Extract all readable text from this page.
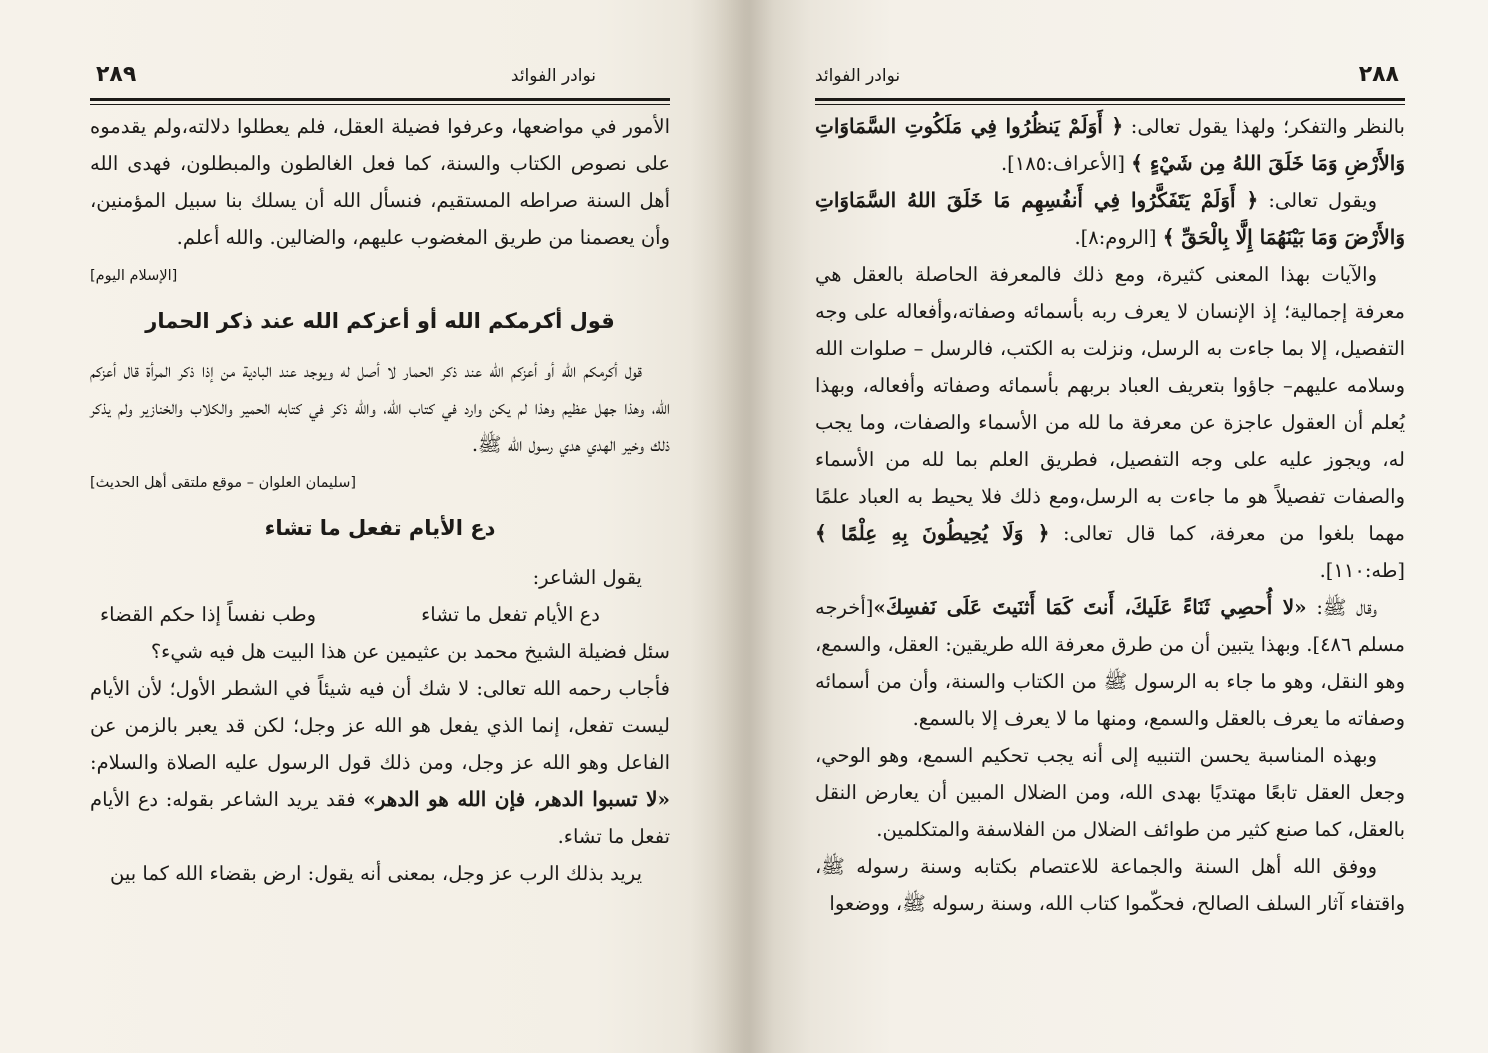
نوادر الفوائد
٢٨٩

الأمور في مواضعها، وعرفوا فضيلة العقل، فلم يعطلوا دلالته،ولم يقدموه على نصوص الكتاب والسنة، كما فعل الغالطون والمبطلون، فهدى الله أهل السنة صراطه المستقيم، فنسأل الله أن يسلك بنا سبيل المؤمنين، وأن يعصمنا من طريق المغضوب عليهم، والضالين. والله أعلم.

[الإسلام اليوم]
قول أكرمكم الله أو أعزكم الله عند ذكر الحمار

قول أكرمكم الله أو أعزكم الله عند ذكر الحمار لا أصل له ويوجد عند البادية من إذا ذكر المرأة قال أعزكم الله، وهذا جهل عظيم وهذا لم يكن وارد في كتاب الله، والله ذكر في كتابه الحمير والكلاب والخنازير ولم يذكر ذلك وخير الهدي هدي رسول الله ﷺ.

[سليمان العلوان – موقع ملتقى أهل الحديث]
دع الأيام تفعل ما تشاء

يقول الشاعر:

دع الأيام تفعل ما تشاء
وطب نفساً إذا حكم القضاء

سئل فضيلة الشيخ محمد بن عثيمين عن هذا البيت هل فيه شيء؟

فأجاب رحمه الله تعالى: لا شك أن فيه شيئاً في الشطر الأول؛ لأن الأيام ليست تفعل، إنما الذي يفعل هو الله عز وجل؛ لكن قد يعبر بالزمن عن الفاعل وهو الله عز وجل، ومن ذلك قول الرسول عليه الصلاة والسلام: «لا تسبوا الدهر، فإن الله هو الدهر» فقد يريد الشاعر بقوله: دع الأيام تفعل ما تشاء.

يريد بذلك الرب عز وجل، بمعنى أنه يقول: ارض بقضاء الله كما بين

٢٨٨
نوادر الفوائد

بالنظر والتفكر؛ ولهذا يقول تعالى: ﴿ أَوَلَمْ يَنظُرُوا فِي مَلَكُوتِ السَّمَاوَاتِ وَالأَرْضِ وَمَا خَلَقَ اللهُ مِن شَيْءٍ ﴾ [الأعراف:١٨٥].

ويقول تعالى: ﴿ أَوَلَمْ يَتَفَكَّرُوا فِي أَنفُسِهِم مَا خَلَقَ اللهُ السَّمَاوَاتِ وَالأَرْضَ وَمَا بَيْنَهُمَا إِلَّا بِالْحَقِّ ﴾ [الروم:٨].

والآيات بهذا المعنى كثيرة، ومع ذلك فالمعرفة الحاصلة بالعقل هي معرفة إجمالية؛ إذ الإنسان لا يعرف ربه بأسمائه وصفاته،وأفعاله على وجه التفصيل، إلا بما جاءت به الرسل، ونزلت به الكتب، فالرسل – صلوات الله وسلامه عليهم– جاؤوا بتعريف العباد بربهم بأسمائه وصفاته وأفعاله، وبهذا يُعلم أن العقول عاجزة عن معرفة ما لله من الأسماء والصفات، وما يجب له، ويجوز عليه على وجه التفصيل، فطريق العلم بما لله من الأسماء والصفات تفصيلاً هو ما جاءت به الرسل،ومع ذلك فلا يحيط به العباد علمًا مهما بلغوا من معرفة، كما قال تعالى: ﴿ وَلَا يُحِيطُونَ بِهِ عِلْمًا ﴾ [طه:١١٠].

وقال ﷺ: «لا أُحصِي ثَنَاءً عَلَيكَ، أَنتَ كَمَا أَثنَيتَ عَلَى نَفسِكَ»[أخرجه مسلم ٤٨٦]. وبهذا يتبين أن من طرق معرفة الله طريقين: العقل، والسمع، وهو النقل، وهو ما جاء به الرسول ﷺ من الكتاب والسنة، وأن من أسمائه وصفاته ما يعرف بالعقل والسمع، ومنها ما لا يعرف إلا بالسمع.

وبهذه المناسبة يحسن التنبيه إلى أنه يجب تحكيم السمع، وهو الوحي، وجعل العقل تابعًا مهتديًا بهدى الله، ومن الضلال المبين أن يعارض النقل بالعقل، كما صنع كثير من طوائف الضلال من الفلاسفة والمتكلمين.

ووفق الله أهل السنة والجماعة للاعتصام بكتابه وسنة رسوله ﷺ، واقتفاء آثار السلف الصالح، فحكّموا كتاب الله، وسنة رسوله ﷺ، ووضعوا
